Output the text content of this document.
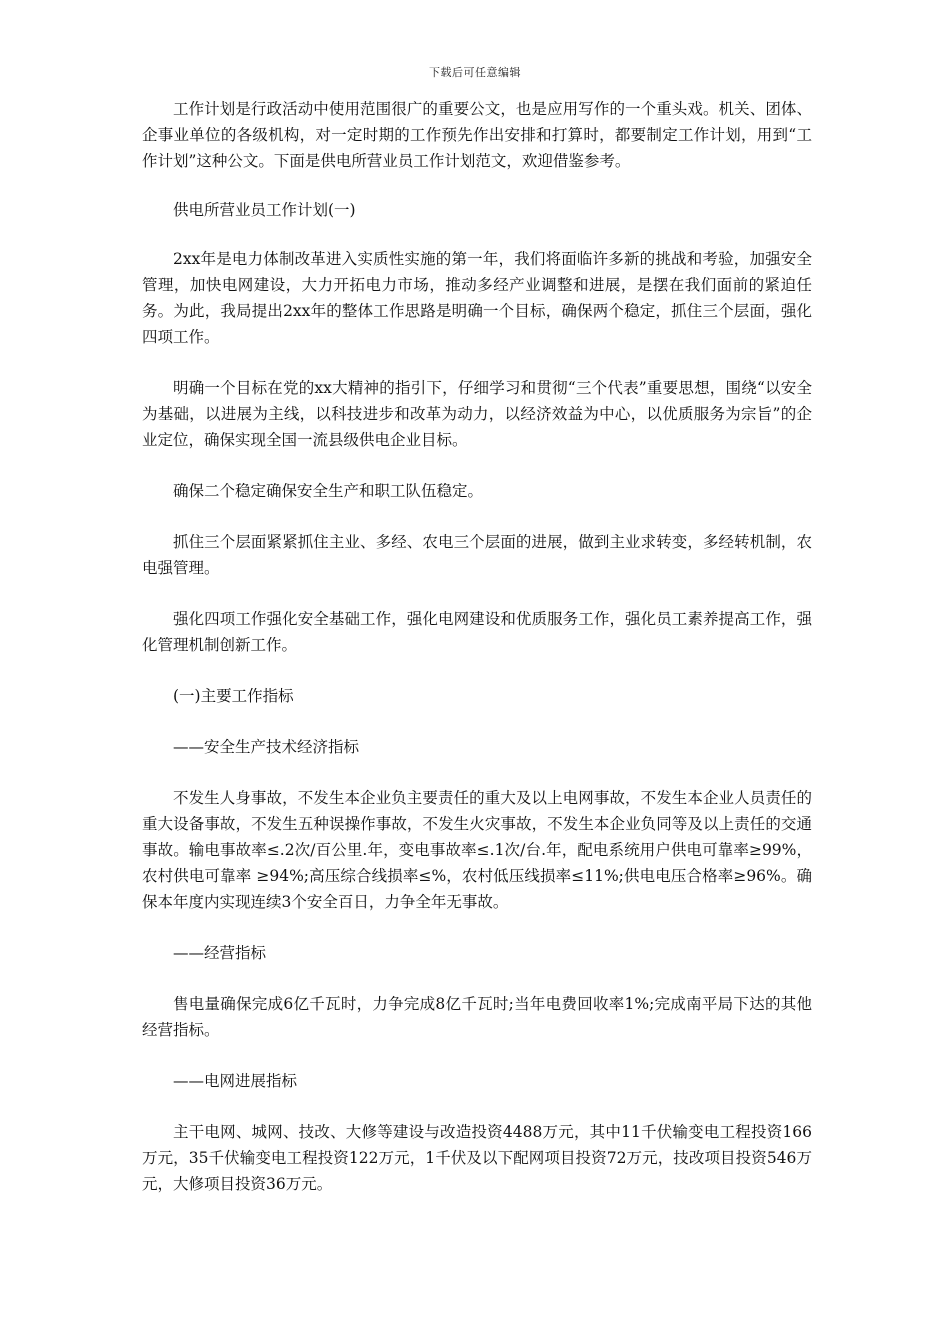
下载后可任意编辑

工作计划是行政活动中使用范围很广的重要公文，也是应用写作的一个重头戏。机关、团体、企事业单位的各级机构，对一定时期的工作预先作出安排和打算时，都要制定工作计划，用到“工作计划”这种公文。下面是供电所营业员工作计划范文，欢迎借鉴参考。

供电所营业员工作计划(一)

2xx年是电力体制改革进入实质性实施的第一年，我们将面临许多新的挑战和考验，加强安全管理，加快电网建设，大力开拓电力市场，推动多经产业调整和进展，是摆在我们面前的紧迫任务。为此，我局提出2xx年的整体工作思路是明确一个目标，确保两个稳定，抓住三个层面，强化四项工作。

明确一个目标在党的xx大精神的指引下，仔细学习和贯彻“三个代表”重要思想，围绕“以安全为基础，以进展为主线，以科技进步和改革为动力，以经济效益为中心，以优质服务为宗旨”的企业定位，确保实现全国一流县级供电企业目标。

确保二个稳定确保安全生产和职工队伍稳定。

抓住三个层面紧紧抓住主业、多经、农电三个层面的进展，做到主业求转变，多经转机制，农电强管理。

强化四项工作强化安全基础工作，强化电网建设和优质服务工作，强化员工素养提高工作，强化管理机制创新工作。

(一)主要工作指标

——安全生产技术经济指标

不发生人身事故，不发生本企业负主要责任的重大及以上电网事故，不发生本企业人员责任的重大设备事故，不发生五种误操作事故，不发生火灾事故，不发生本企业负同等及以上责任的交通事故。输电事故率≤.2次/百公里.年，变电事故率≤.1次/台.年，配电系统用户供电可靠率≥99%，农村供电可靠率 ≥94%;高压综合线损率≤%，农村低压线损率≤11%;供电电压合格率≥96%。确保本年度内实现连续3个安全百日，力争全年无事故。

——经营指标

售电量确保完成6亿千瓦时，力争完成8亿千瓦时;当年电费回收率1%;完成南平局下达的其他经营指标。

——电网进展指标

主干电网、城网、技改、大修等建设与改造投资4488万元，其中11千伏输变电工程投资166万元，35千伏输变电工程投资122万元，1千伏及以下配网项目投资72万元，技改项目投资546万元，大修项目投资36万元。
